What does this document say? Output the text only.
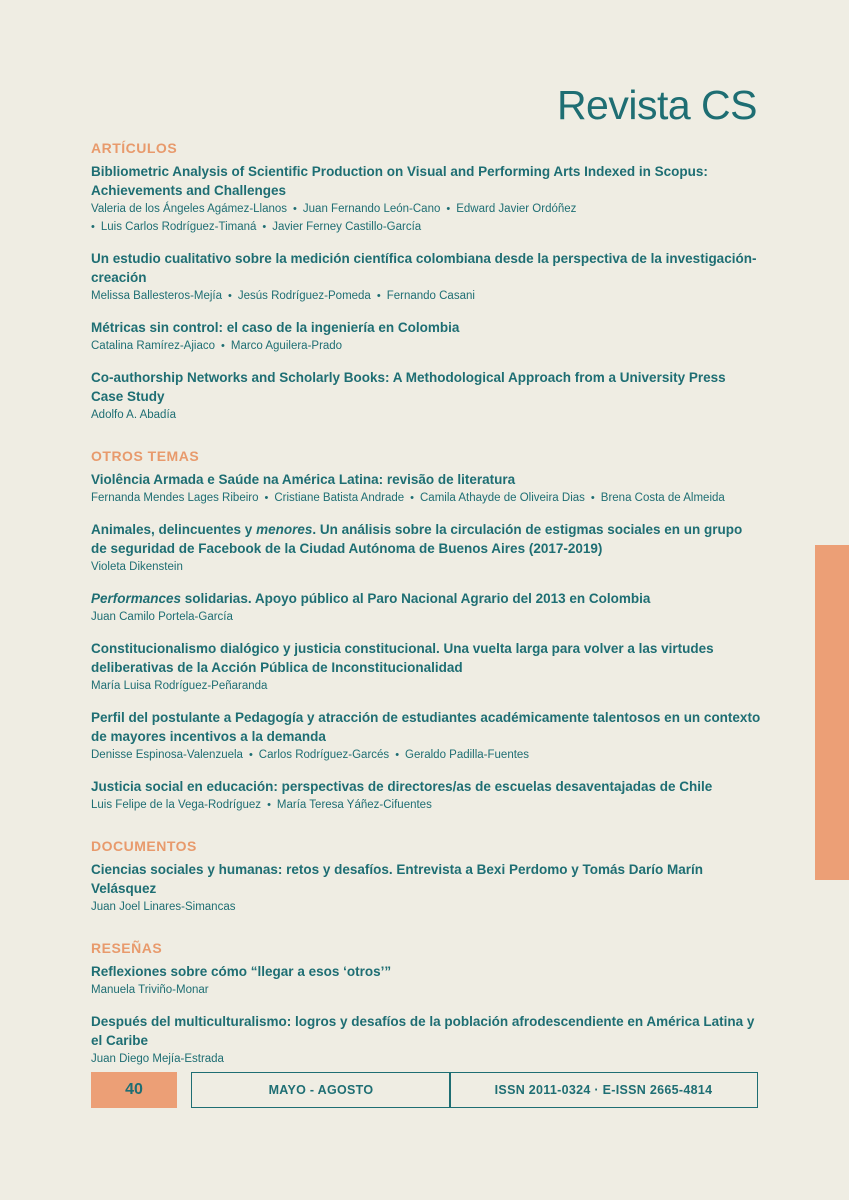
Revista CS
ARTÍCULOS

Bibliometric Analysis of Scientific Production on Visual and Performing Arts Indexed in Scopus: Achievements and Challenges

Valeria de los Ángeles Agámez-Llanos • Juan Fernando León-Cano • Edward Javier Ordóñez
• Luis Carlos Rodríguez-Timaná • Javier Ferney Castillo-García

Un estudio cualitativo sobre la medición científica colombiana desde la perspectiva de la investigación-creación

Melissa Ballesteros-Mejía • Jesús Rodríguez-Pomeda • Fernando Casani

Métricas sin control: el caso de la ingeniería en Colombia

Catalina Ramírez-Ajiaco • Marco Aguilera-Prado

Co-authorship Networks and Scholarly Books: A Methodological Approach from a University Press Case Study

Adolfo A. Abadía
OTROS TEMAS

Violência Armada e Saúde na América Latina: revisão de literatura

Fernanda Mendes Lages Ribeiro • Cristiane Batista Andrade • Camila Athayde de Oliveira Dias • Brena Costa de Almeida

Animales, delincuentes y menores. Un análisis sobre la circulación de estigmas sociales en un grupo de seguridad de Facebook de la Ciudad Autónoma de Buenos Aires (2017-2019)

Violeta Dikenstein

Performances solidarias. Apoyo público al Paro Nacional Agrario del 2013 en Colombia

Juan Camilo Portela-García

Constitucionalismo dialógico y justicia constitucional. Una vuelta larga para volver a las virtudes deliberativas de la Acción Pública de Inconstitucionalidad

María Luisa Rodríguez-Peñaranda

Perfil del postulante a Pedagogía y atracción de estudiantes académicamente talentosos en un contexto de mayores incentivos a la demanda

Denisse Espinosa-Valenzuela • Carlos Rodríguez-Garcés • Geraldo Padilla-Fuentes

Justicia social en educación: perspectivas de directores/as de escuelas desaventajadas de Chile

Luis Felipe de la Vega-Rodríguez • María Teresa Yáñez-Cifuentes
DOCUMENTOS

Ciencias sociales y humanas: retos y desafíos. Entrevista a Bexi Perdomo y Tomás Darío Marín Velásquez

Juan Joel Linares-Simancas
RESEÑAS

Reflexiones sobre cómo “llegar a esos ‘otros’”

Manuela Triviño-Monar

Después del multiculturalismo: logros y desafíos de la población afrodescendiente en América Latina y el Caribe

Juan Diego Mejía-Estrada
40	MAYO - AGOSTO	ISSN 2011-0324 · E-ISSN 2665-4814
